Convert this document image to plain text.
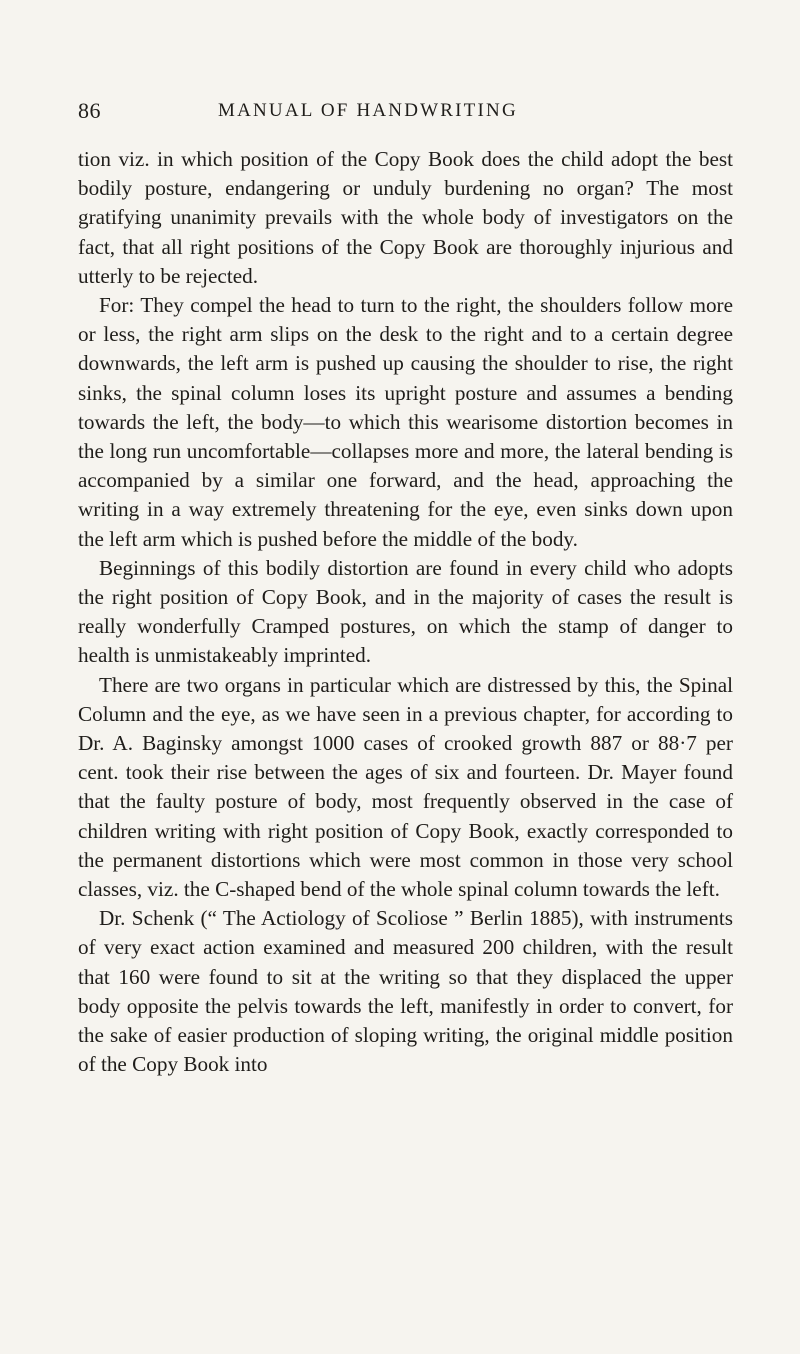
86	MANUAL OF HANDWRITING

tion viz. in which position of the Copy Book does the child adopt the best bodily posture, endangering or unduly burdening no organ? The most gratifying unanimity prevails with the whole body of investigators on the fact, that all right positions of the Copy Book are thoroughly injurious and utterly to be rejected.

For: They compel the head to turn to the right, the shoulders follow more or less, the right arm slips on the desk to the right and to a certain degree downwards, the left arm is pushed up causing the shoulder to rise, the right sinks, the spinal column loses its upright posture and assumes a bending towards the left, the body—to which this wearisome distortion becomes in the long run uncomfortable—collapses more and more, the lateral bending is accompanied by a similar one forward, and the head, approaching the writing in a way extremely threatening for the eye, even sinks down upon the left arm which is pushed before the middle of the body.

Beginnings of this bodily distortion are found in every child who adopts the right position of Copy Book, and in the majority of cases the result is really wonderfully Cramped postures, on which the stamp of danger to health is unmistakeably imprinted.

There are two organs in particular which are distressed by this, the Spinal Column and the eye, as we have seen in a previous chapter, for according to Dr. A. Baginsky amongst 1000 cases of crooked growth 887 or 88·7 per cent. took their rise between the ages of six and fourteen. Dr. Mayer found that the faulty posture of body, most frequently observed in the case of children writing with right position of Copy Book, exactly corresponded to the permanent distortions which were most common in those very school classes, viz. the C-shaped bend of the whole spinal column towards the left.

Dr. Schenk (“ The Actiology of Scoliose ” Berlin 1885), with instruments of very exact action examined and measured 200 children, with the result that 160 were found to sit at the writing so that they displaced the upper body opposite the pelvis towards the left, manifestly in order to convert, for the sake of easier production of sloping writing, the original middle position of the Copy Book into
